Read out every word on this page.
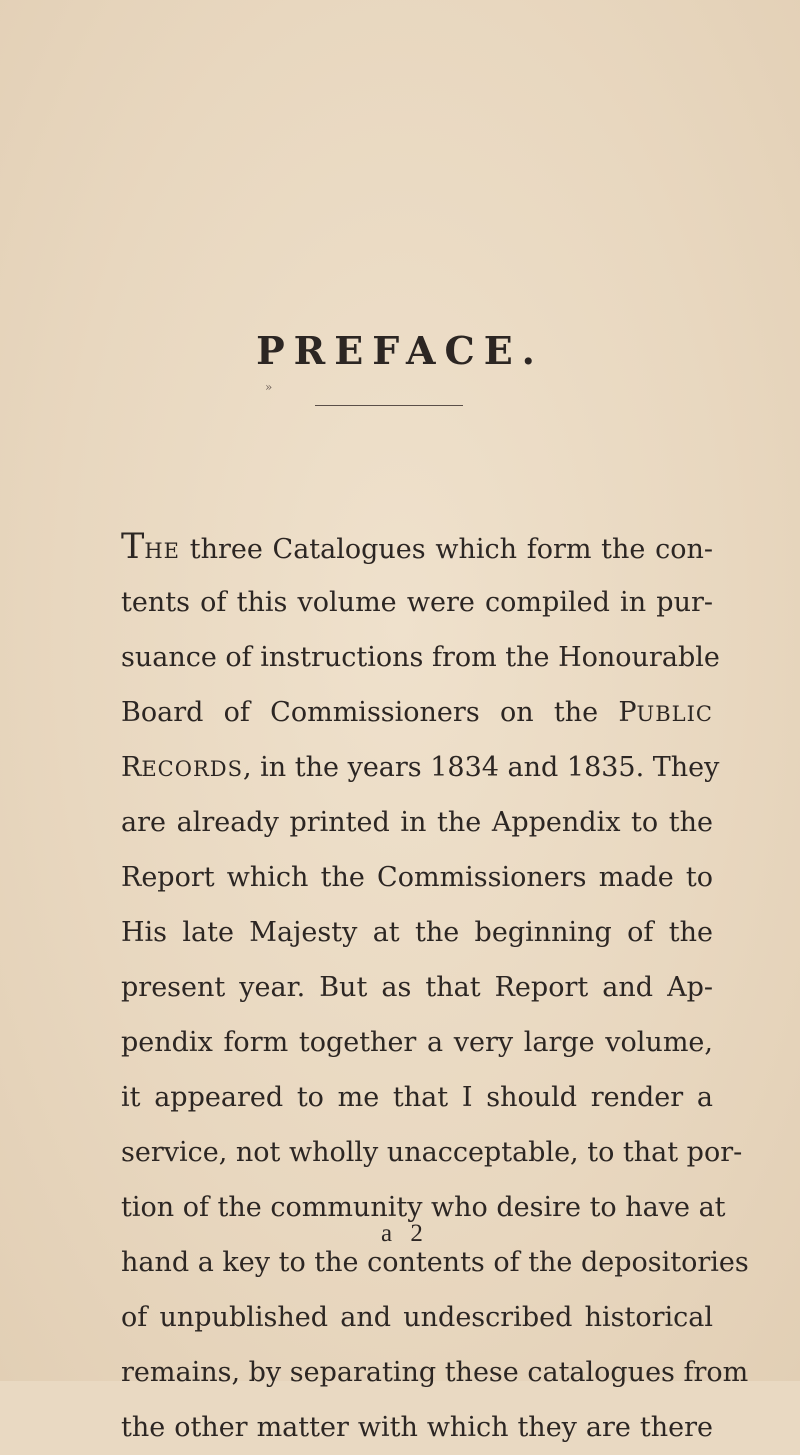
PREFACE.
»
THE three Catalogues which form the con-
tents of this volume were compiled in pur-
suance of instructions from the Honourable
Board of Commissioners on the PUBLIC
RECORDS, in the years 1834 and 1835. They
are already printed in the Appendix to the
Report which the Commissioners made to
His late Majesty at the beginning of the
present year. But as that Report and Ap-
pendix form together a very large volume,
it appeared to me that I should render a
service, not wholly unacceptable, to that por-
tion of the community who desire to have at
hand a key to the contents of the depositories
of unpublished and undescribed historical
remains, by separating these catalogues from
the other matter with which they are there
a 2
